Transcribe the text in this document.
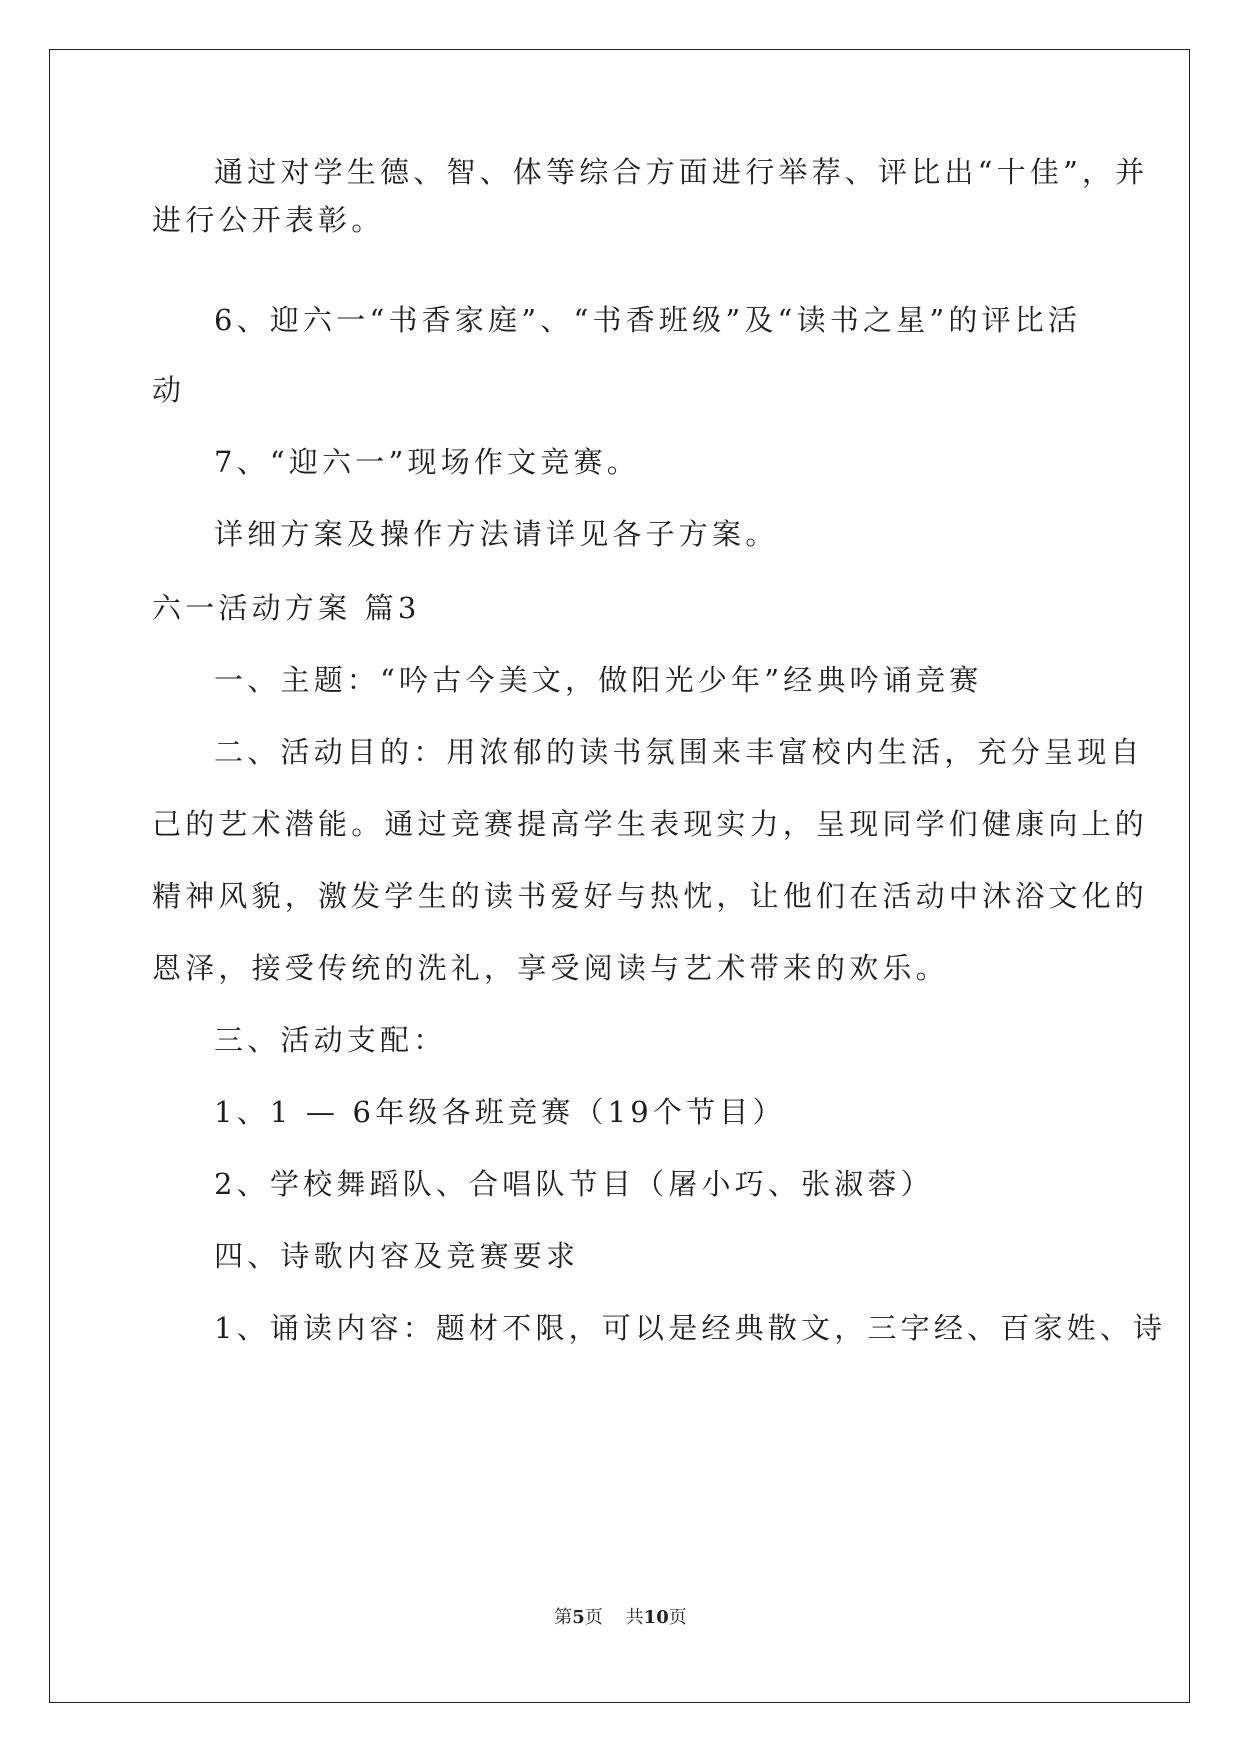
通过对学生德、智、体等综合方面进行举荐、评比出“十佳”，并
进行公开表彰。
6、迎六一“书香家庭”、“书香班级”及“读书之星”的评比活
动
7、“迎六一”现场作文竞赛。
详细方案及操作方法请详见各子方案。
六一活动方案 篇3
一、主题：“吟古今美文，做阳光少年”经典吟诵竞赛
二、活动目的：用浓郁的读书氛围来丰富校内生活，充分呈现自
己的艺术潜能。通过竞赛提高学生表现实力，呈现同学们健康向上的
精神风貌，激发学生的读书爱好与热忱，让他们在活动中沐浴文化的
恩泽，接受传统的洗礼，享受阅读与艺术带来的欢乐。
三、活动支配：
1、1 — 6年级各班竞赛（19个节目）
2、学校舞蹈队、合唱队节目（屠小巧、张淑蓉）
四、诗歌内容及竞赛要求
1、诵读内容：题材不限，可以是经典散文，三字经、百家姓、诗
第5页 共10页
